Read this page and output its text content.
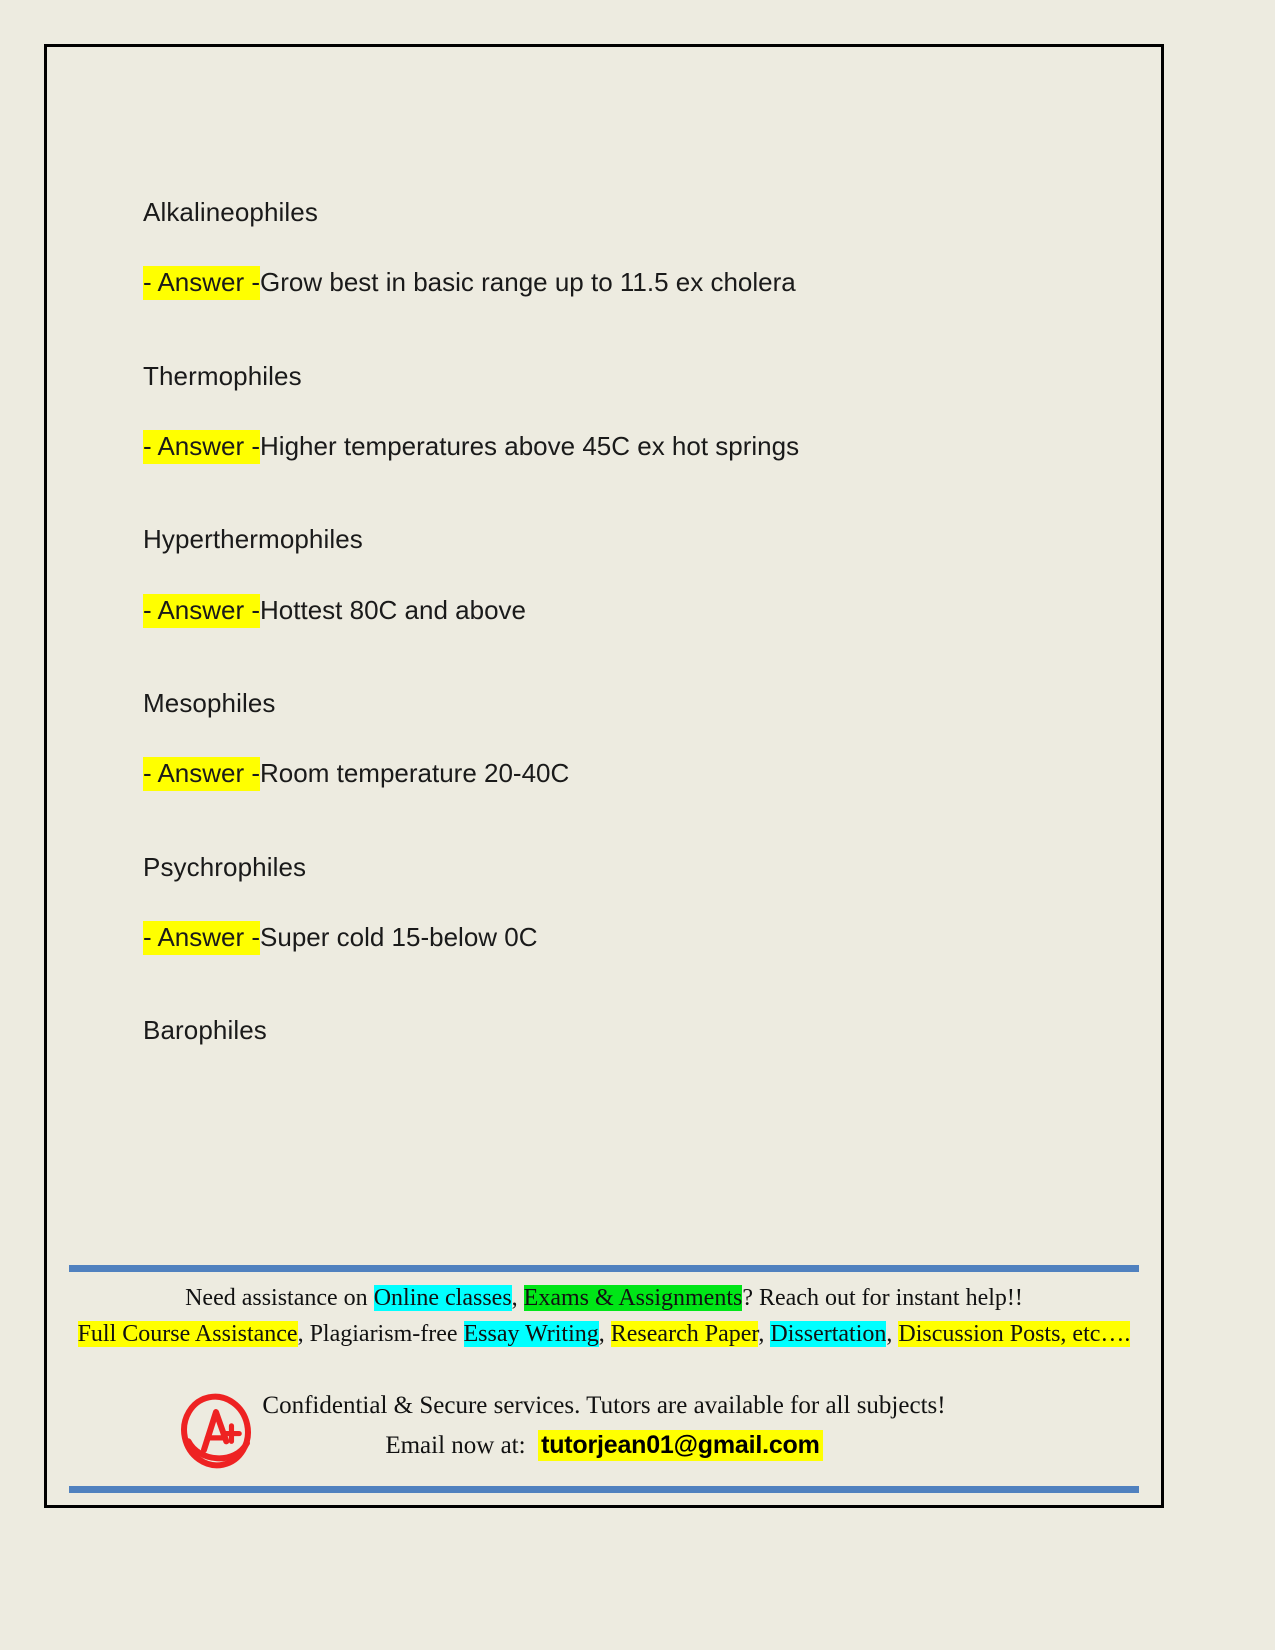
Alkalineophiles

- Answer -Grow best in basic range up to 11.5 ex cholera

Thermophiles

- Answer -Higher temperatures above 45C ex hot springs

Hyperthermophiles

- Answer -Hottest 80C and above

Mesophiles

- Answer -Room temperature 20-40C

Psychrophiles

- Answer -Super cold 15-below 0C

Barophiles

Need assistance on Online classes, Exams & Assignments? Reach out for instant help!!

Full Course Assistance, Plagiarism-free Essay Writing, Research Paper, Dissertation, Discussion Posts, etc….

Confidential & Secure services. Tutors are available for all subjects!

Email now at: tutorjean01@gmail.com
